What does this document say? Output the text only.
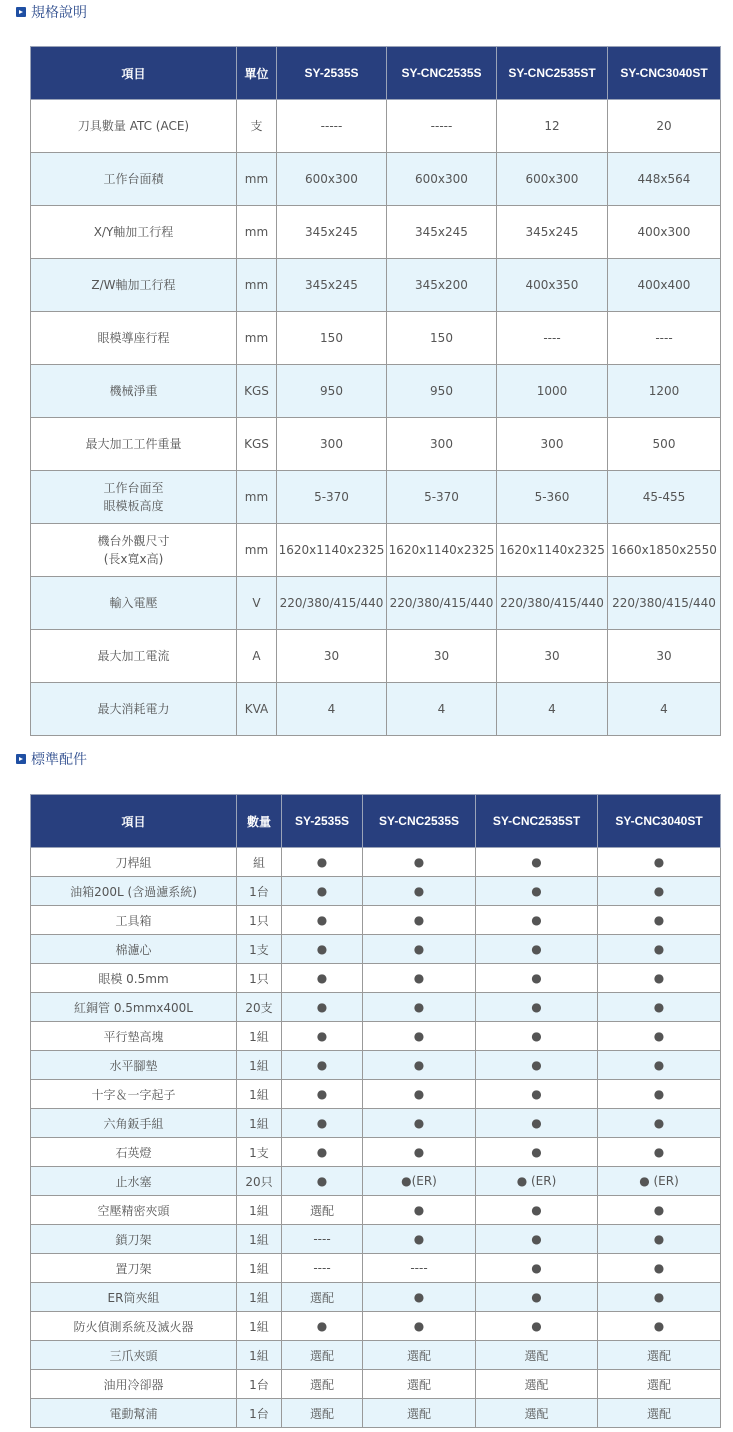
規格說明
項目	單位	SY-2535S	SY-CNC2535S	SY-CNC2535ST	SY-CNC3040ST

刀具數量 ATC (ACE)	支	-----	-----	12	20

工作台面積	mm	600x300	600x300	600x300	448x564

X/Y軸加工行程	mm	345x245	345x245	345x245	400x300

Z/W軸加工行程	mm	345x245	345x200	400x350	400x400

眼模導座行程	mm	150	150	----	----

機械淨重	KGS	950	950	1000	1200

最大加工工件重量	KGS	300	300	300	500

工作台面至
眼模板高度	mm	5-370	5-370	5-360	45-455

機台外觀尺寸
(長x寬x高)	mm	1620x1140x2325	1620x1140x2325	1620x1140x2325	1660x1850x2550

輸入電壓	V	220/380/415/440	220/380/415/440	220/380/415/440	220/380/415/440

最大加工電流	A	30	30	30	30

最大消耗電力	KVA	4	4	4	4
標準配件
項目	數量	SY-2535S	SY-CNC2535S	SY-CNC2535ST	SY-CNC3040ST
刀桿組	組	●	●	●	●
油箱200L (含過濾系統)	1台	●	●	●	●
工具箱	1只	●	●	●	●
棉濾心	1支	●	●	●	●
眼模 0.5mm	1只	●	●	●	●
紅銅管 0.5mmx400L	20支	●	●	●	●
平行墊高塊	1組	●	●	●	●
水平腳墊	1組	●	●	●	●
十字＆一字起子	1組	●	●	●	●
六角鈑手組	1組	●	●	●	●
石英燈	1支	●	●	●	●
止水塞	20只	●	●(ER)	● (ER)	● (ER)
空壓精密夾頭	1組	選配	●	●	●
鎖刀架	1組	----	●	●	●
置刀架	1組	----	----	●	●
ER筒夾組	1組	選配	●	●	●
防火偵測系統及滅火器	1組	●	●	●	●
三爪夾頭	1組	選配	選配	選配	選配
油用冷卻器	1台	選配	選配	選配	選配
電動幫浦	1台	選配	選配	選配	選配
